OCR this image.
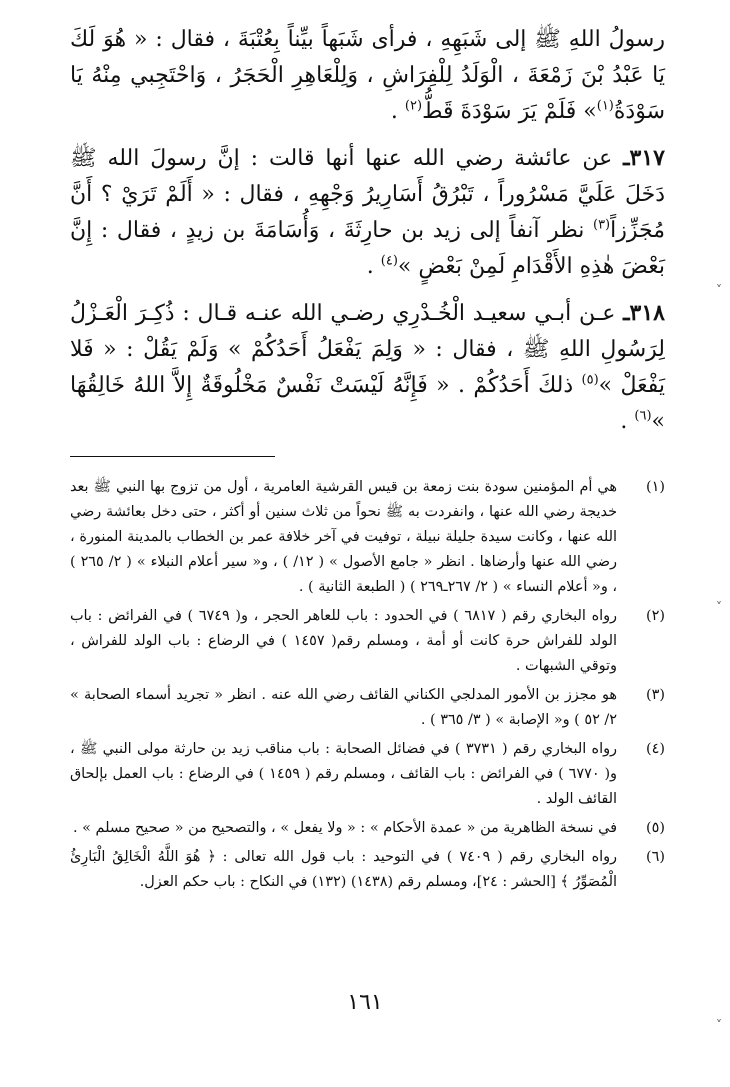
رسولُ اللهِ ﷺ إلى شَبَهِهِ ، فرأى شَبَهاً بيِّناً بِعُتْبَةَ ، فقال : « هُوَ لَكَ يَا عَبْدُ بْنَ زَمْعَةَ ، الْوَلَدُ لِلْفِرَاشِ ، وَلِلْعَاهِرِ الْحَجَرُ ، وَاحْتَجِبي مِنْهُ يَا سَوْدَةُ$^{(١)}$» فَلَمْ يَرَ سَوْدَةَ قَطُّ$^{(٢)}$ .

٣١٧ـ عن عائشة رضي الله عنها أنها قالت : إنَّ رسولَ الله ﷺ دَخَلَ عَلَيَّ مَسْرُوراً ، تَبْرُقُ أَسَارِيرُ وَجْهِهِ ، فقال : « أَلَمْ تَرَيْ ؟ أَنَّ مُجَزِّزاً$^{(٣)}$ نظر آنفاً إلى زيد بن حارِثَةَ ، وَأُسَامَةَ بن زيدٍ ، فقال : إِنَّ بَعْضَ هٰذِهِ الأَقْدَامِ لَمِنْ بَعْضٍ »$^{(٤)}$ .

٣١٨ـ عـن أبـي سعيـد الْخُـدْرِي رضـي الله عنـه قـال : ذُكِـرَ الْعَـزْلُ لِرَسُولِ اللهِ ﷺ ، فقال : « وَلِمَ يَفْعَلُ أَحَدُكُمْ » وَلَمْ يَقُلْ : « فَلا يَفْعَلْ »$^{(٥)}$ ذلكَ أَحَدُكُمْ . « فَإِنَّهُ لَيْسَتْ نَفْسٌ مَخْلُوقَةٌ إِلاَّ اللهُ خَالِقُهَا »$^{(٦)}$ .

(١)
هي أم المؤمنين سودة بنت زمعة بن قيس القرشية العامرية ، أول من تزوج بها النبي ﷺ بعد خديجة رضي الله عنها ، وانفردت به ﷺ نحواً من ثلاث سنين أو أكثر ، حتى دخل بعائشة رضي الله عنها ، وكانت سيدة جليلة نبيلة ، توفيت في آخر خلافة عمر بن الخطاب بالمدينة المنورة ، رضي الله عنها وأرضاها . انظر « جامع الأصول » ( ١٢/ ) ، و« سير أعلام النبلاء » ( ٢/ ٢٦٥ ) ، و« أعلام النساء » ( ٢/ ٢٦٧ـ٢٦٩ ) ( الطبعة الثانية ) .
(٢)
رواه البخاري رقم ( ٦٨١٧ ) في الحدود : باب للعاهر الحجر ، و( ٦٧٤٩ ) في الفرائض : باب الولد للفراش حرة كانت أو أمة ، ومسلم رقم( ١٤٥٧ ) في الرضاع : باب الولد للفراش ، وتوقي الشبهات .
(٣)
هو مجزز بن الأمور المدلجي الكناني القائف رضي الله عنه . انظر « تجريد أسماء الصحابة » ٢/ ٥٢ ) و« الإصابة » ( ٣/ ٣٦٥ ) .
(٤)
رواه البخاري رقم ( ٣٧٣١ ) في فضائل الصحابة : باب مناقب زيد بن حارثة مولى النبي ﷺ ، و( ٦٧٧٠ ) في الفرائض : باب القائف ، ومسلم رقم ( ١٤٥٩ ) في الرضاع : باب العمل بإلحاق القائف الولد .
(٥)
في نسخة الظاهرية من « عمدة الأحكام » : « ولا يفعل » ، والتصحيح من « صحيح مسلم » .
(٦)
رواه البخاري رقم ( ٧٤٠٩ ) في التوحيد : باب قول الله تعالى : ﴿ هُوَ اللَّهُ الْخَالِقُ الْبَارِئُ الْمُصَوِّرُ ﴾ [الحشر : ٢٤]، ومسلم رقم (١٤٣٨) (١٣٢) في النكاح : باب حكم العزل.
١٦١
˅
˅
˅
